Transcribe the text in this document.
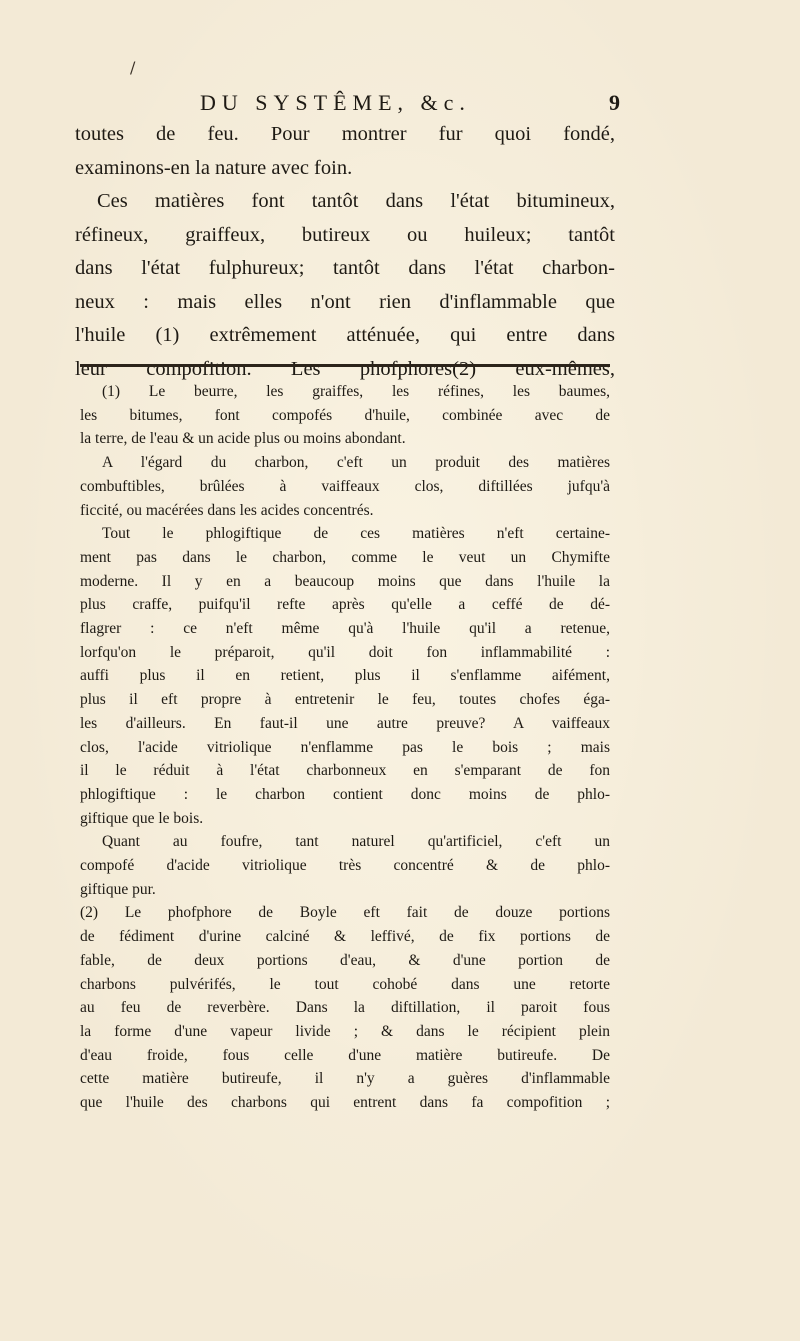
/
DU SYSTÊME, &c.	9
toutes de feu. Pour montrer fur quoi fondé,
examinons-en la nature avec foin.
Ces matières font tantôt dans l'état bitumineux,
réfineux, graiffeux, butireux ou huileux; tantôt
dans l'état fulphureux; tantôt dans l'état charbon-
neux : mais elles n'ont rien d'inflammable que
l'huile (1) extrêmement atténuée, qui entre dans
leur compofition. Les phofphores(2) eux-mêmes,
(1) Le beurre, les graiffes, les réfines, les baumes,
les bitumes, font compofés d'huile, combinée avec de
la terre, de l'eau & un acide plus ou moins abondant.
A l'égard du charbon, c'eft un produit des matières
combuftibles, brûlées à vaiffeaux clos, diftillées jufqu'à
ficcité, ou macérées dans les acides concentrés.
Tout le phlogiftique de ces matières n'eft certaine-
ment pas dans le charbon, comme le veut un Chymifte
moderne. Il y en a beaucoup moins que dans l'huile la
plus craffe, puifqu'il refte après qu'elle a ceffé de dé-
flagrer : ce n'eft même qu'à l'huile qu'il a retenue,
lorfqu'on le préparoit, qu'il doit fon inflammabilité :
auffi plus il en retient, plus il s'enflamme aifément,
plus il eft propre à entretenir le feu, toutes chofes éga-
les d'ailleurs. En faut-il une autre preuve? A vaiffeaux
clos, l'acide vitriolique n'enflamme pas le bois ; mais
il le réduit à l'état charbonneux en s'emparant de fon
phlogiftique : le charbon contient donc moins de phlo-
giftique que le bois.
Quant au foufre, tant naturel qu'artificiel, c'eft un
compofé d'acide vitriolique très concentré & de phlo-
giftique pur.
(2) Le phofphore de Boyle eft fait de douze portions
de fédiment d'urine calciné & leffivé, de fix portions de
fable, de deux portions d'eau, & d'une portion de
charbons pulvérifés, le tout cohobé dans une retorte
au feu de reverbère. Dans la diftillation, il paroit fous
la forme d'une vapeur livide ; & dans le récipient plein
d'eau froide, fous celle d'une matière butireufe. De
cette matière butireufe, il n'y a guères d'inflammable
que l'huile des charbons qui entrent dans fa compofition ;
